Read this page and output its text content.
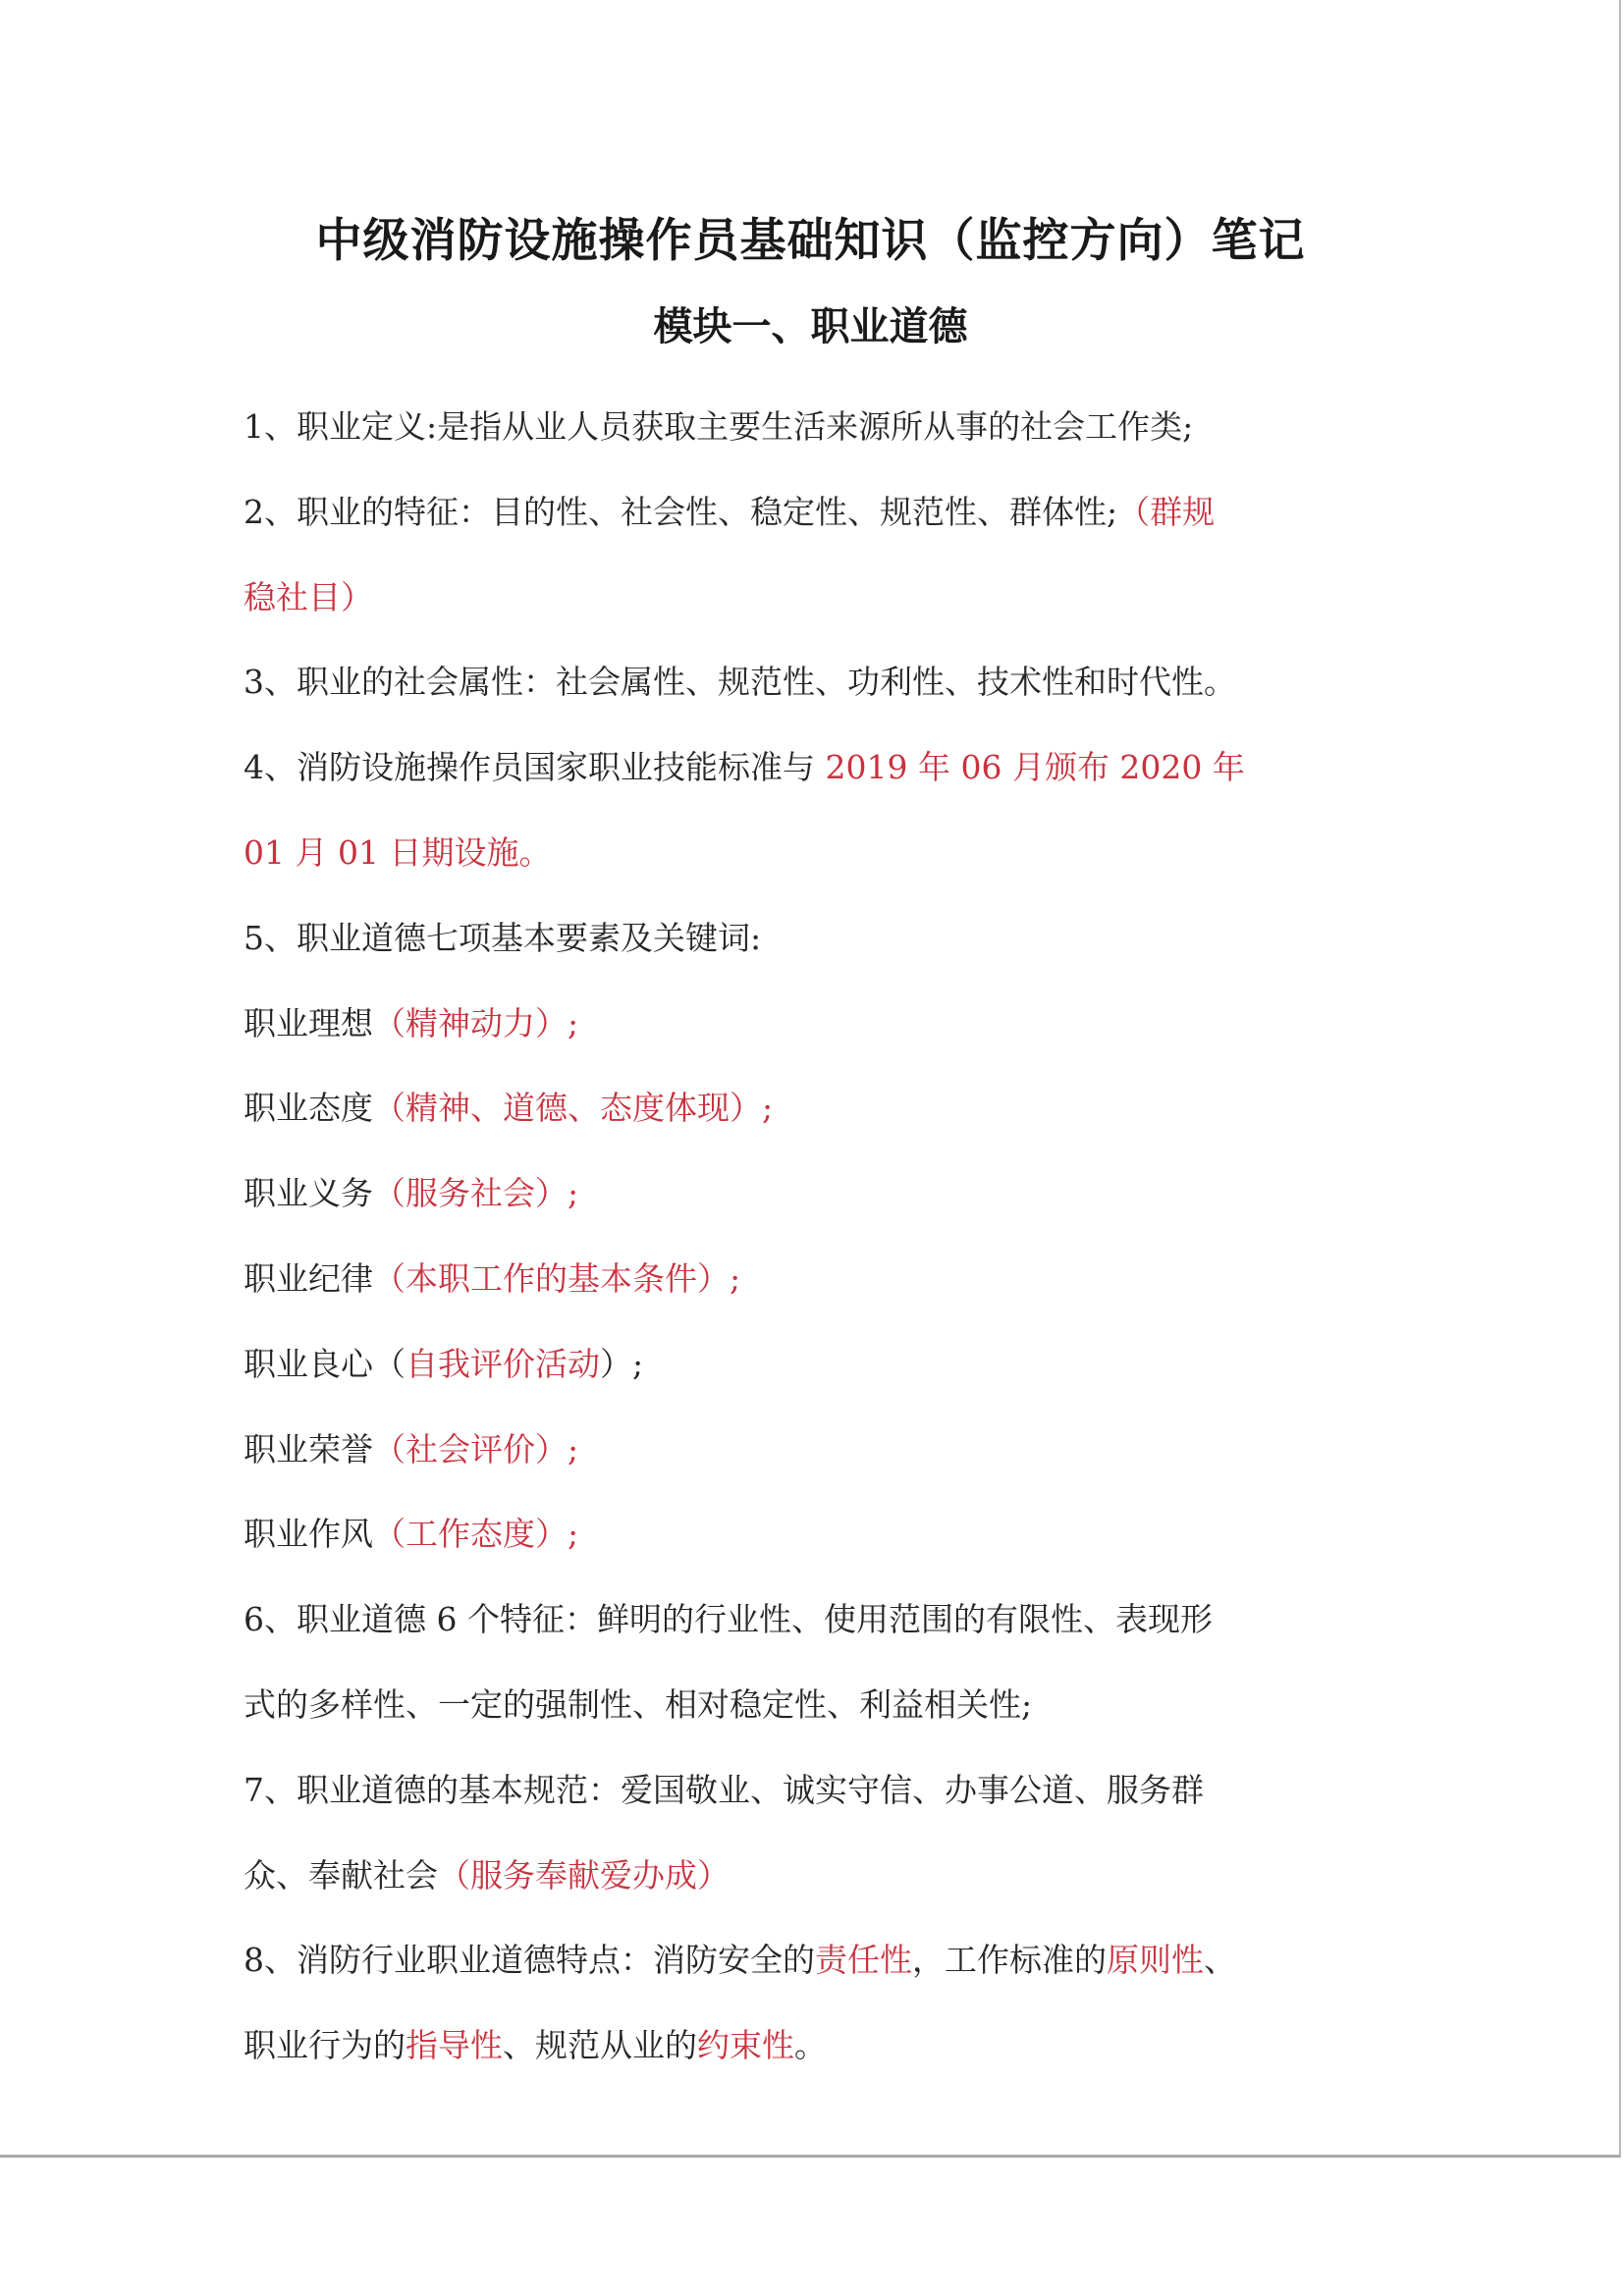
中级消防设施操作员基础知识（监控方向）笔记
模块一、职业道德
1、职业定义:是指从业人员获取主要生活来源所从事的社会工作类;
2、职业的特征：目的性、社会性、稳定性、规范性、群体性;（群规
稳社目）
3、职业的社会属性：社会属性、规范性、功利性、技术性和时代性。
4、消防设施操作员国家职业技能标准与 2019 年 06 月颁布 2020 年
01 月 01 日期设施。
5、职业道德七项基本要素及关键词:
职业理想（精神动力）;
职业态度（精神、道德、态度体现）;
职业义务（服务社会）;
职业纪律（本职工作的基本条件）;
职业良心（自我评价活动）;
职业荣誉（社会评价）;
职业作风（工作态度）;
6、职业道德 6 个特征：鲜明的行业性、使用范围的有限性、表现形
式的多样性、一定的强制性、相对稳定性、利益相关性;
7、职业道德的基本规范：爱国敬业、诚实守信、办事公道、服务群
众、奉献社会（服务奉献爱办成）
8、消防行业职业道德特点：消防安全的责任性，工作标准的原则性、
职业行为的指导性、规范从业的约束性。
